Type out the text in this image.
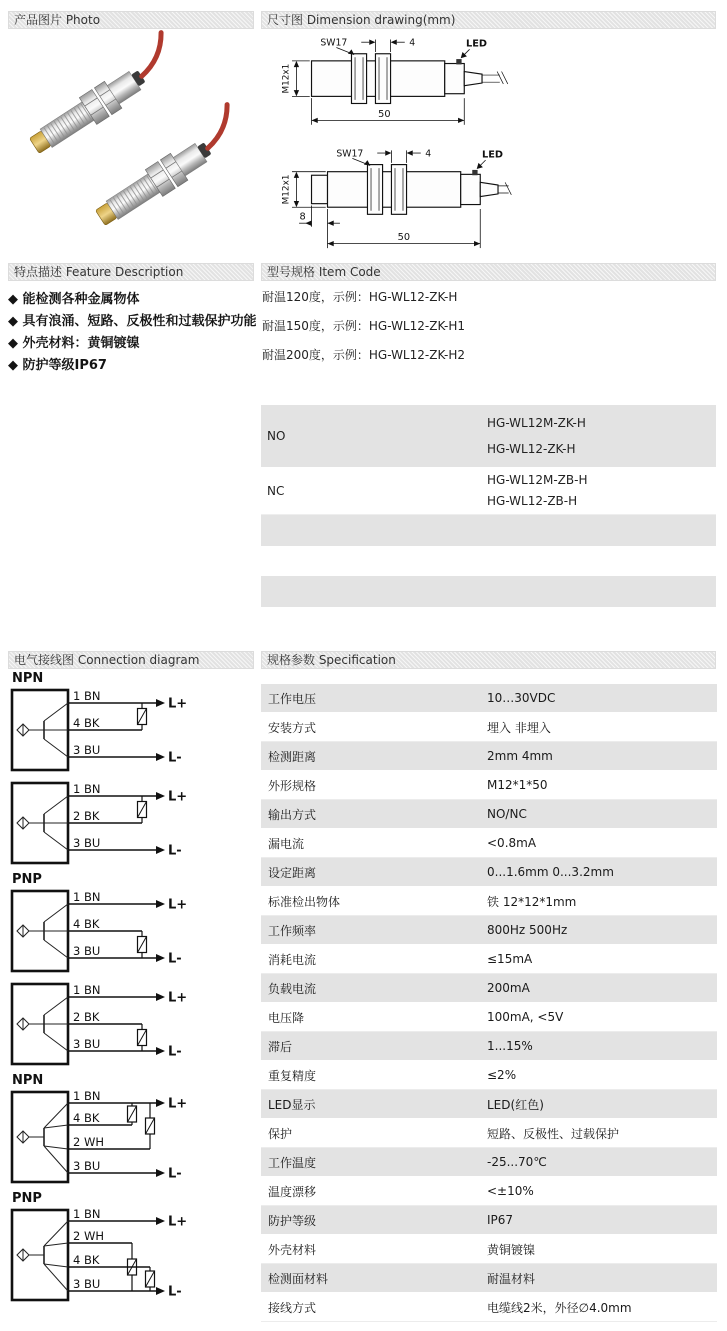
产品图片 Photo	尺寸图 Dimension drawing(mm)
特点描述 Feature Description	型号规格 Item Code
电气接线图 Connection diagram	规格参数 Specification
M12x1
SW17	4	LED
50
M12x1
SW17	4	LED
8
50
◆ 能检测各种金属物体
◆ 具有浪涌、短路、反极性和过载保护功能
◆ 外壳材料：黄铜镀镍
◆ 防护等级IP67
耐温120度，示例：HG-WL12-ZK-H
耐温150度，示例：HG-WL12-ZK-H1
耐温200度，示例：HG-WL12-ZK-H2
NO
HG-WL12M-ZK-H
HG-WL12-ZK-H
NC
HG-WL12M-ZB-H
HG-WL12-ZB-H
NPN
1 BN
L+
4 BK
3 BU
L-
1 BN
L+
2 BK
3 BU
L-
PNP
1 BN
L+
4 BK
3 BU
L-
1 BN
L+
2 BK
3 BU
L-
NPN
1 BN
L+
4 BK
2 WH
3 BU
L-
PNP
1 BN
L+
2 WH
4 BK
3 BU
L-
工作电压	10…30VDC
安装方式	埋入 非埋入
检测距离	2mm 4mm
外形规格	M12*1*50
输出方式	NO/NC
漏电流	<0.8mA
设定距离	0...1.6mm 0...3.2mm
标准检出物体	铁 12*12*1mm
工作频率	800Hz 500Hz
消耗电流	≤15mA
负载电流	200mA
电压降	100mA, <5V
滞后	1...15%
重复精度	≤2%
LED显示	LED(红色)
保护	短路、反极性、过载保护
工作温度	-25...70℃
温度漂移	<±10%
防护等级	IP67
外壳材料	黄铜镀镍
检测面材料	耐温材料
接线方式	电缆线2米，外径∅4.0mm
